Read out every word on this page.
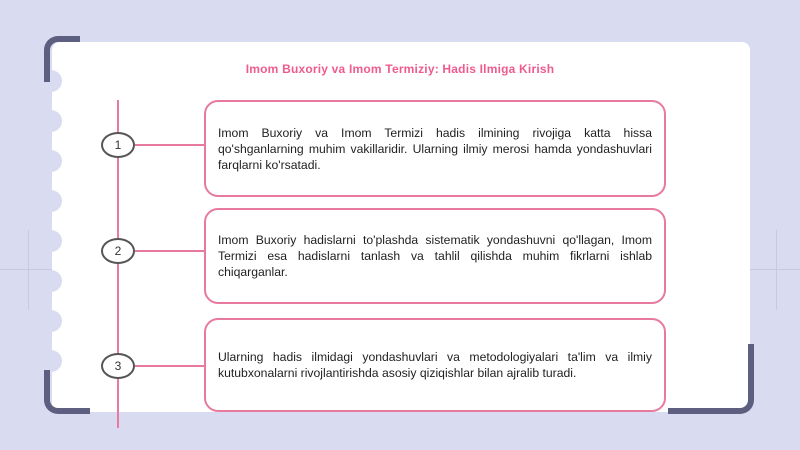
Imom Buxoriy va Imom Termiziy: Hadis Ilmiga Kirish
1

Imom Buxoriy va Imom Termizi hadis ilmining rivojiga katta hissa qo'shganlarning muhim vakillaridir. Ularning ilmiy merosi hamda yondashuvlari farqlarni ko'rsatadi.

2

Imom Buxoriy hadislarni to'plashda sistematik yondashuvni qo'llagan, Imom Termizi esa hadislarni tanlash va tahlil qilishda muhim fikrlarni ishlab chiqarganlar.

3

Ularning hadis ilmidagi yondashuvlari va metodologiyalari ta'lim va ilmiy kutubxonalarni rivojlantirishda asosiy qiziqishlar bilan ajralib turadi.
